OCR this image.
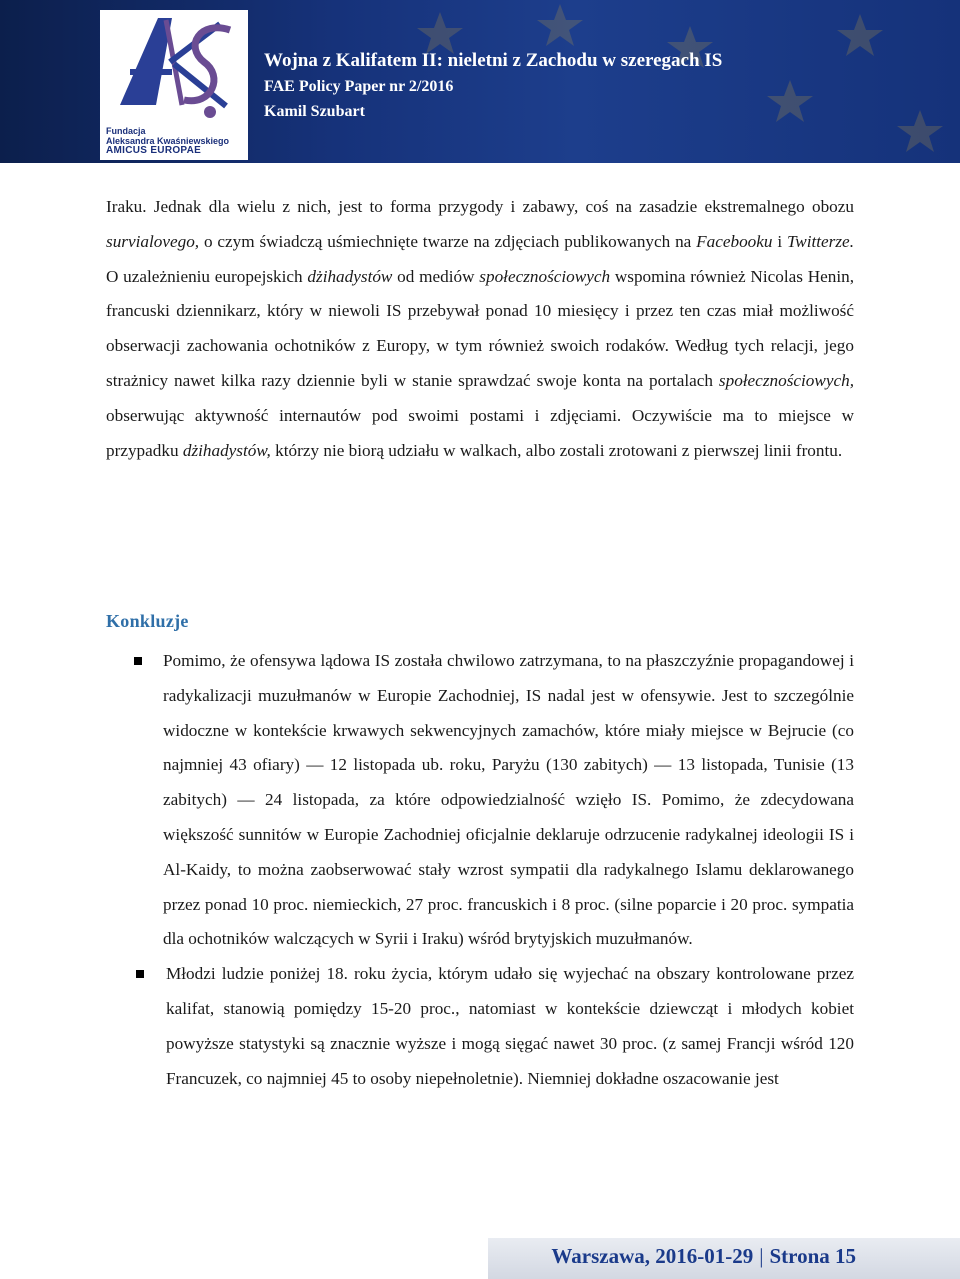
Fundacja
Aleksandra Kwaśniewskiego
AMICUS EUROPAE
Wojna z Kalifatem II: nieletni z Zachodu w szeregach IS
FAE Policy Paper nr 2/2016
Kamil Szubart

Iraku. Jednak dla wielu z nich, jest to forma przygody i zabawy, coś na zasadzie ekstremalnego obozu survialovego, o czym świadczą uśmiechnięte twarze na zdjęciach publikowanych na Facebooku i Twitterze. O uzależnieniu europejskich dżihadystów od mediów społecznościowych wspomina również Nicolas Henin, francuski dziennikarz, który w niewoli IS przebywał ponad 10 miesięcy i przez ten czas miał możliwość obserwacji zachowania ochotników z Europy, w tym również swoich rodaków. Według tych relacji, jego strażnicy nawet kilka razy dziennie byli w stanie sprawdzać swoje konta na portalach społecznościowych, obserwując aktywność internautów pod swoimi postami i zdjęciami. Oczywiście ma to miejsce w przypadku dżihadystów, którzy nie biorą udziału w walkach, albo zostali zrotowani z pierwszej linii frontu.

Konkluzje
Pomimo, że ofensywa lądowa IS została chwilowo zatrzymana, to na płaszczyźnie propagandowej i radykalizacji muzułmanów w Europie Zachodniej, IS nadal jest w ofensywie. Jest to szczególnie widoczne w kontekście krwawych sekwencyjnych zamachów, które miały miejsce w Bejrucie (co najmniej 43 ofiary) ― 12 listopada ub. roku, Paryżu (130 zabitych) ― 13 listopada, Tunisie (13 zabitych) ― 24 listopada, za które odpowiedzialność wzięło IS. Pomimo, że zdecydowana większość sunnitów w Europie Zachodniej oficjalnie deklaruje odrzucenie radykalnej ideologii IS i Al-Kaidy, to można zaobserwować stały wzrost sympatii dla radykalnego Islamu deklarowanego przez ponad 10 proc. niemieckich, 27 proc. francuskich i 8 proc. (silne poparcie i 20 proc. sympatia dla ochotników walczących w Syrii i Iraku) wśród brytyjskich muzułmanów.
Młodzi ludzie poniżej 18. roku życia, którym udało się wyjechać na obszary kontrolowane przez kalifat, stanowią pomiędzy 15-20 proc., natomiast w kontekście dziewcząt i młodych kobiet powyższe statystyki są znacznie wyższe i mogą sięgać nawet 30 proc. (z samej Francji wśród 120 Francuzek, co najmniej 45 to osoby niepełnoletnie). Niemniej dokładne oszacowanie jest
Warszawa, 2016-01-29 | Strona 15
